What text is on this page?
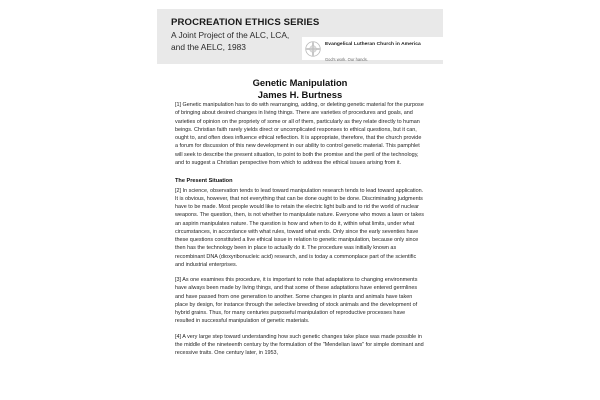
PROCREATION ETHICS SERIES
A Joint Project of the ALC, LCA,
and the AELC, 1983	Evangelical Lutheran Church in America God's work. Our hands.
Genetic Manipulation
James H. Burtness

[1] Genetic manipulation has to do with rearranging, adding, or deleting genetic material for the purpose of bringing about desired changes in living things. There are varieties of procedures and goals, and varieties of opinion on the propriety of some or all of them, particularly as they relate directly to human beings. Christian faith rarely yields direct or uncomplicated responses to ethical questions, but it can, ought to, and often does influence ethical reflection. It is appropriate, therefore, that the church provide a forum for discussion of this new development in our ability to control genetic material. This pamphlet will seek to describe the present situation, to point to both the promise and the peril of the technology, and to suggest a Christian perspective from which to address the ethical issues arising from it.

The Present Situation

[2] In science, observation tends to lead toward manipulation research tends to lead toward application. It is obvious, however, that not everything that can be done ought to be done. Discriminating judgments have to be made. Most people would like to retain the electric light bulb and to rid the world of nuclear weapons. The question, then, is not whether to manipulate nature. Everyone who mows a lawn or takes an aspirin manipulates nature. The question is how and when to do it, within what limits, under what circumstances, in accordance with what rules, toward what ends. Only since the early seventies have these questions constituted a live ethical issue in relation to genetic manipulation, because only since then has the technology been in place to actually do it. The procedure was initially known as recombinant DNA (dioxyribonucleic acid) research, and is today a commonplace part of the scientific and industrial enterprises.

[3] As one examines this procedure, it is important to note that adaptations to changing environments have always been made by living things, and that some of these adaptations have entered germlines and have passed from one generation to another. Some changes in plants and animals have taken place by design, for instance through the selective breeding of stock animals and the development of hybrid grains. Thus, for many centuries purposeful manipulation of reproductive processes have resulted in successful manipulation of genetic materials.

[4] A very large step toward understanding how such genetic changes take place was made possible in the middle of the nineteenth century by the formulation of the "Mendelian laws" for simple dominant and recessive traits. One century later, in 1953,
